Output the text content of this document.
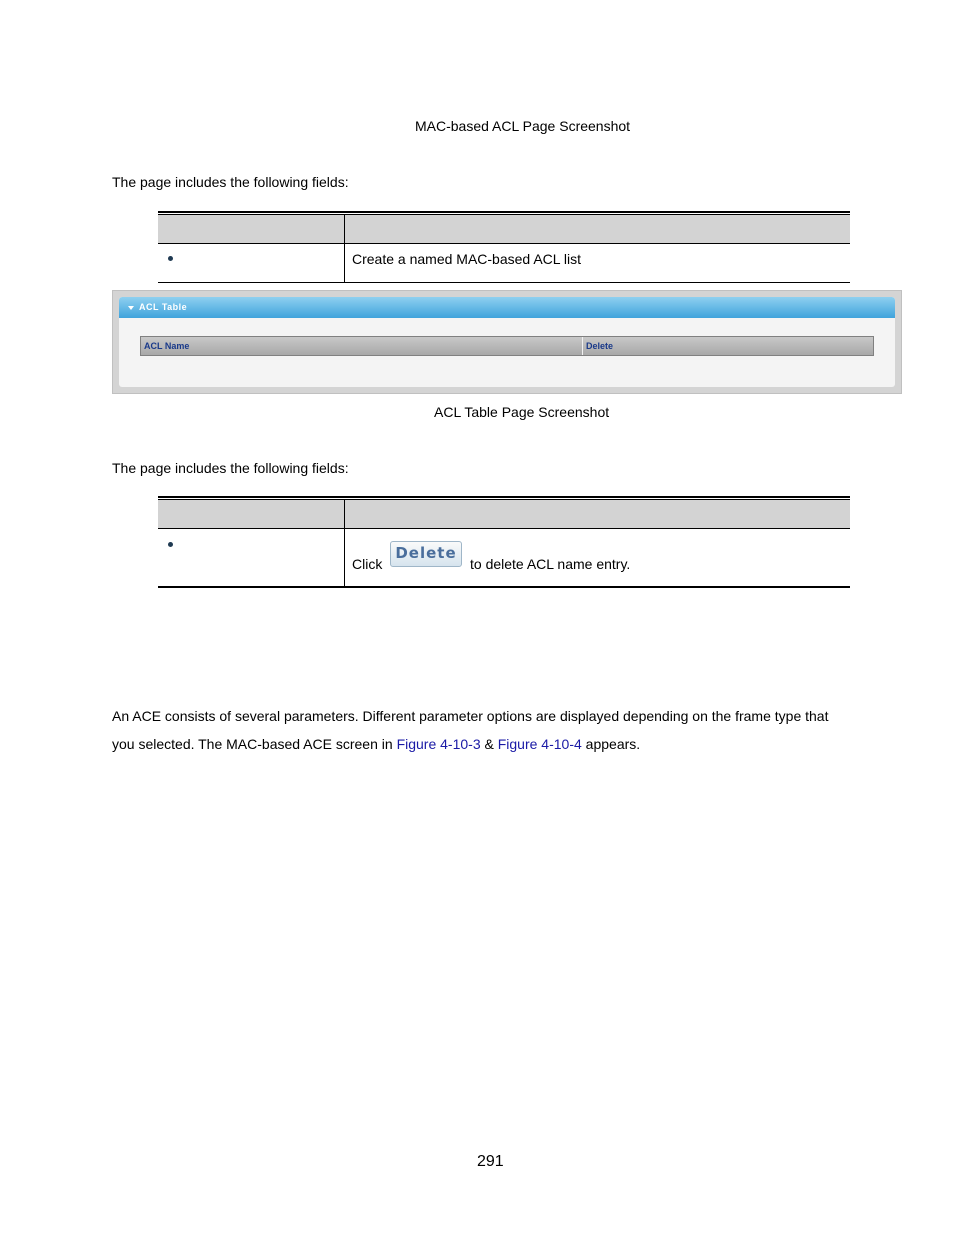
MAC-based ACL Page Screenshot
The page includes the following fields:
Create a named MAC-based ACL list
ACL Table
ACL Name	Delete
ACL Table Page Screenshot
The page includes the following fields:
Click
Delete
to delete ACL name entry.
An ACE consists of several parameters. Different parameter options are displayed depending on the frame type that
you selected. The MAC-based ACE screen in Figure 4-10-3 & Figure 4-10-4 appears.
291
